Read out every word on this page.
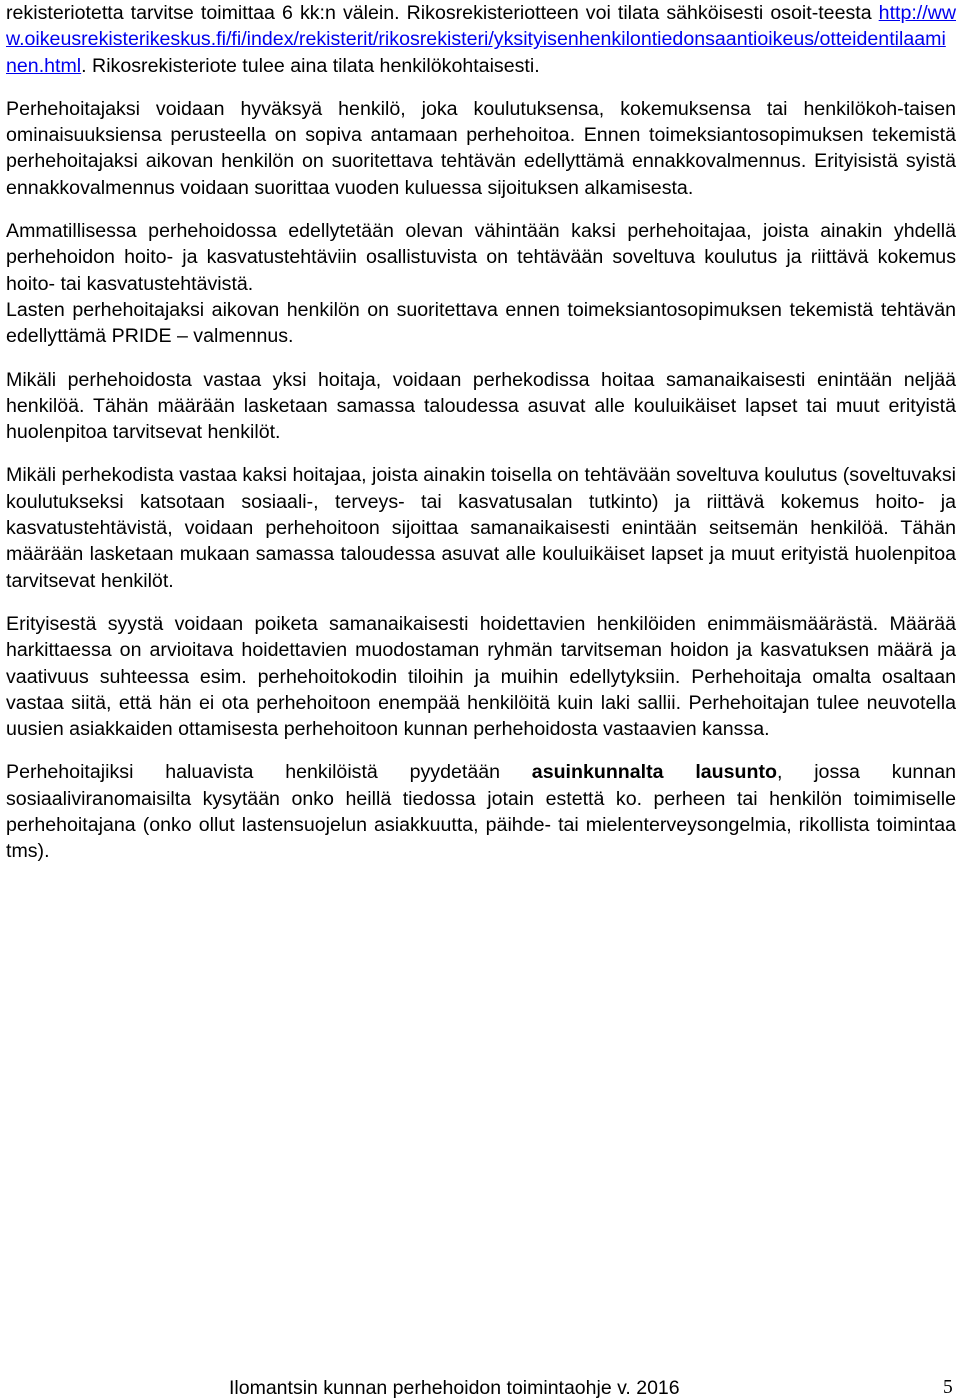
rekisteriotetta tarvitse toimittaa 6 kk:n välein. Rikosrekisteriotteen voi tilata sähköisesti osoit-teesta http://www.oikeusrekisterikeskus.fi/fi/index/rekisterit/rikosrekisteri/yksityisenhenkilontiedonsaantioikeus/otteidentilaaminen.html. Rikosrekisteriote tulee aina tilata henkilökohtaisesti.

Perhehoitajaksi voidaan hyväksyä henkilö, joka koulutuksensa, kokemuksensa tai henkilökoh-taisen ominaisuuksiensa perusteella on sopiva antamaan perhehoitoa. Ennen toimeksiantosopimuksen tekemistä perhehoitajaksi aikovan henkilön on suoritettava tehtävän edellyttämä ennakkovalmennus. Erityisistä syistä ennakkovalmennus voidaan suorittaa vuoden kuluessa sijoituksen alkamisesta.

Ammatillisessa perhehoidossa edellytetään olevan vähintään kaksi perhehoitajaa, joista ainakin yhdellä perhehoidon hoito- ja kasvatustehtäviin osallistuvista on tehtävään soveltuva koulutus ja riittävä kokemus hoito- tai kasvatustehtävistä.

Lasten perhehoitajaksi aikovan henkilön on suoritettava ennen toimeksiantosopimuksen tekemistä tehtävän edellyttämä PRIDE – valmennus.

Mikäli perhehoidosta vastaa yksi hoitaja, voidaan perhekodissa hoitaa samanaikaisesti enintään neljää henkilöä. Tähän määrään lasketaan samassa taloudessa asuvat alle kouluikäiset lapset tai muut erityistä huolenpitoa tarvitsevat henkilöt.

Mikäli perhekodista vastaa kaksi hoitajaa, joista ainakin toisella on tehtävään soveltuva koulutus (soveltuvaksi koulutukseksi katsotaan sosiaali-, terveys- tai kasvatusalan tutkinto) ja riittävä kokemus hoito- ja kasvatustehtävistä, voidaan perhehoitoon sijoittaa samanaikaisesti enintään seitsemän henkilöä. Tähän määrään lasketaan mukaan samassa taloudessa asuvat alle kouluikäiset lapset ja muut erityistä huolenpitoa tarvitsevat henkilöt.

Erityisestä syystä voidaan poiketa samanaikaisesti hoidettavien henkilöiden enimmäismäärästä. Määrää harkittaessa on arvioitava hoidettavien muodostaman ryhmän tarvitseman hoidon ja kasvatuksen määrä ja vaativuus suhteessa esim. perhehoitokodin tiloihin ja muihin edellytyksiin. Perhehoitaja omalta osaltaan vastaa siitä, että hän ei ota perhehoitoon enempää henkilöitä kuin laki sallii. Perhehoitajan tulee neuvotella uusien asiakkaiden ottamisesta perhehoitoon kunnan perhehoidosta vastaavien kanssa.

Perhehoitajiksi haluavista henkilöistä pyydetään asuinkunnalta lausunto, jossa kunnan sosiaaliviranomaisilta kysytään onko heillä tiedossa jotain estettä ko. perheen tai henkilön toimimiselle perhehoitajana (onko ollut lastensuojelun asiakkuutta, päihde- tai mielenterveysongelmia, rikollista toimintaa tms).

Ilomantsin kunnan perhehoidon toimintaohje v. 2016	5
